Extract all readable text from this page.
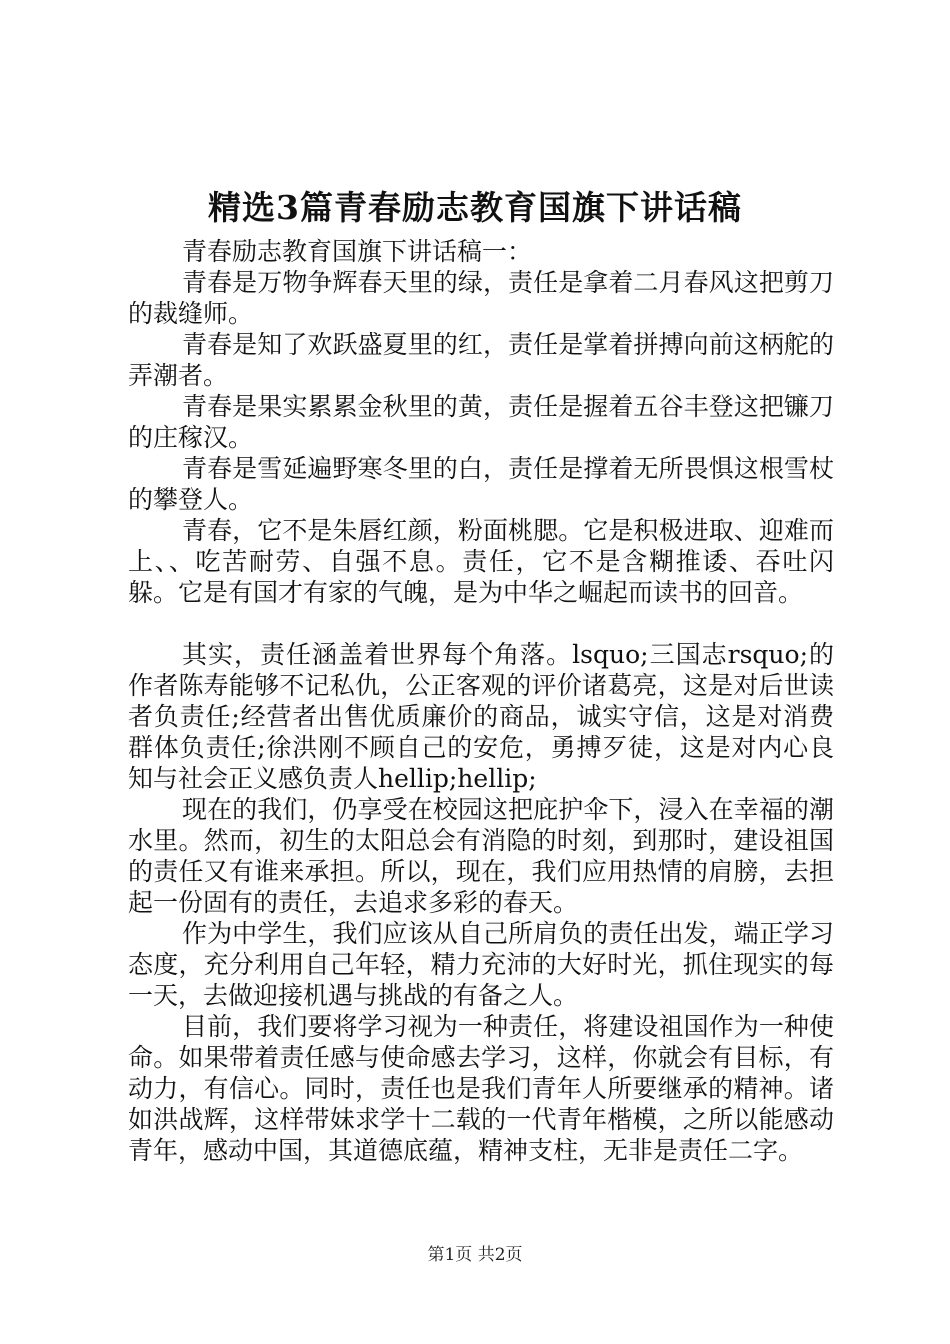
精选3篇青春励志教育国旗下讲话稿

青春励志教育国旗下讲话稿一：

青春是万物争辉春天里的绿，责任是拿着二月春风这把剪刀的裁缝师。

青春是知了欢跃盛夏里的红，责任是掌着拼搏向前这柄舵的弄潮者。

青春是果实累累金秋里的黄，责任是握着五谷丰登这把镰刀的庄稼汉。

青春是雪延遍野寒冬里的白，责任是撑着无所畏惧这根雪杖的攀登人。

青春，它不是朱唇红颜，粉面桃腮。它是积极进取、迎难而上、、吃苦耐劳、自强不息。责任，它不是含糊推诿、吞吐闪躲。它是有国才有家的气魄，是为中华之崛起而读书的回音。

其实，责任涵盖着世界每个角落。lsquo;三国志rsquo;的作者陈寿能够不记私仇，公正客观的评价诸葛亮，这是对后世读者负责任;经营者出售优质廉价的商品，诚实守信，这是对消费群体负责任;徐洪刚不顾自己的安危，勇搏歹徒，这是对内心良知与社会正义感负责人hellip;hellip;

现在的我们，仍享受在校园这把庇护伞下，浸入在幸福的潮水里。然而，初生的太阳总会有消隐的时刻，到那时，建设祖国的责任又有谁来承担。所以，现在，我们应用热情的肩膀，去担起一份固有的责任，去追求多彩的春天。

作为中学生，我们应该从自己所肩负的责任出发，端正学习态度，充分利用自己年轻，精力充沛的大好时光，抓住现实的每一天，去做迎接机遇与挑战的有备之人。

目前，我们要将学习视为一种责任，将建设祖国作为一种使命。如果带着责任感与使命感去学习，这样，你就会有目标，有动力，有信心。同时，责任也是我们青年人所要继承的精神。诸如洪战辉，这样带妹求学十二载的一代青年楷模，之所以能感动青年，感动中国，其道德底蕴，精神支柱，无非是责任二字。

第1页 共2页
